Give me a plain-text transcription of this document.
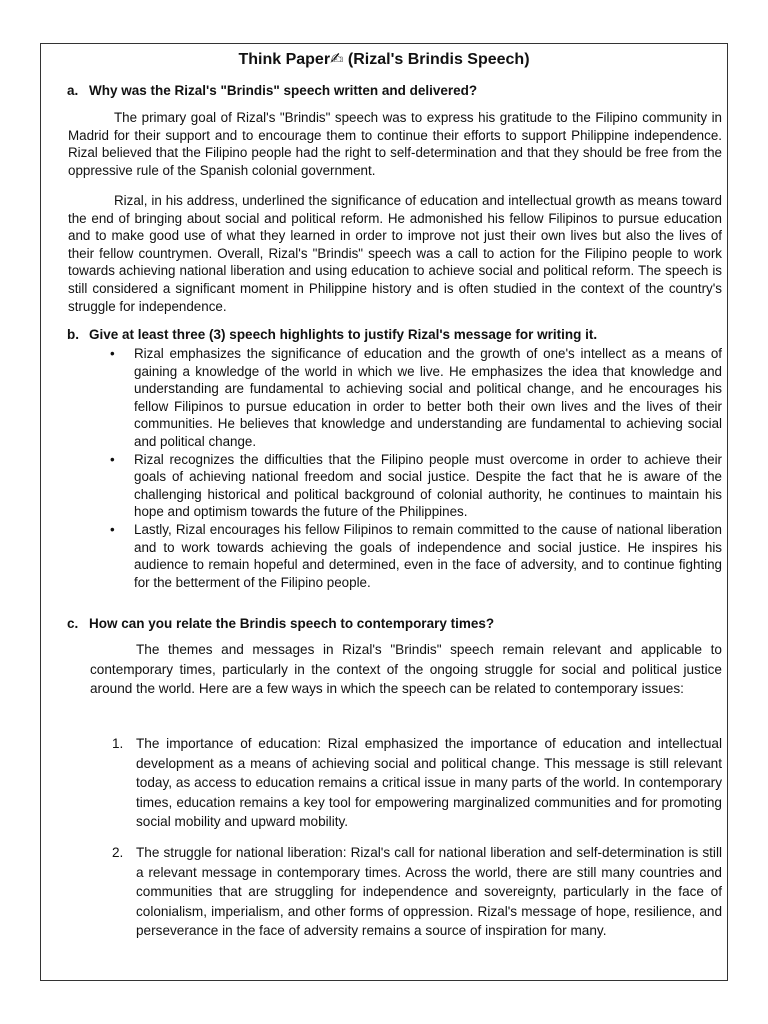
Think Paper✍ (Rizal's Brindis Speech)
a. Why was the Rizal's "Brindis" speech written and delivered?
The primary goal of Rizal's "Brindis" speech was to express his gratitude to the Filipino community in Madrid for their support and to encourage them to continue their efforts to support Philippine independence. Rizal believed that the Filipino people had the right to self-determination and that they should be free from the oppressive rule of the Spanish colonial government.
Rizal, in his address, underlined the significance of education and intellectual growth as means toward the end of bringing about social and political reform. He admonished his fellow Filipinos to pursue education and to make good use of what they learned in order to improve not just their own lives but also the lives of their fellow countrymen. Overall, Rizal's "Brindis" speech was a call to action for the Filipino people to work towards achieving national liberation and using education to achieve social and political reform. The speech is still considered a significant moment in Philippine history and is often studied in the context of the country's struggle for independence.
b. Give at least three (3) speech highlights to justify Rizal's message for writing it.
• Rizal emphasizes the significance of education and the growth of one's intellect as a means of gaining a knowledge of the world in which we live. He emphasizes the idea that knowledge and understanding are fundamental to achieving social and political change, and he encourages his fellow Filipinos to pursue education in order to better both their own lives and the lives of their communities. He believes that knowledge and understanding are fundamental to achieving social and political change.
• Rizal recognizes the difficulties that the Filipino people must overcome in order to achieve their goals of achieving national freedom and social justice. Despite the fact that he is aware of the challenging historical and political background of colonial authority, he continues to maintain his hope and optimism towards the future of the Philippines.
• Lastly, Rizal encourages his fellow Filipinos to remain committed to the cause of national liberation and to work towards achieving the goals of independence and social justice. He inspires his audience to remain hopeful and determined, even in the face of adversity, and to continue fighting for the betterment of the Filipino people.
c. How can you relate the Brindis speech to contemporary times?
The themes and messages in Rizal's "Brindis" speech remain relevant and applicable to contemporary times, particularly in the context of the ongoing struggle for social and political justice around the world. Here are a few ways in which the speech can be related to contemporary issues:
1. The importance of education: Rizal emphasized the importance of education and intellectual development as a means of achieving social and political change. This message is still relevant today, as access to education remains a critical issue in many parts of the world. In contemporary times, education remains a key tool for empowering marginalized communities and for promoting social mobility and upward mobility.
2. The struggle for national liberation: Rizal's call for national liberation and self-determination is still a relevant message in contemporary times. Across the world, there are still many countries and communities that are struggling for independence and sovereignty, particularly in the face of colonialism, imperialism, and other forms of oppression. Rizal's message of hope, resilience, and perseverance in the face of adversity remains a source of inspiration for many.
